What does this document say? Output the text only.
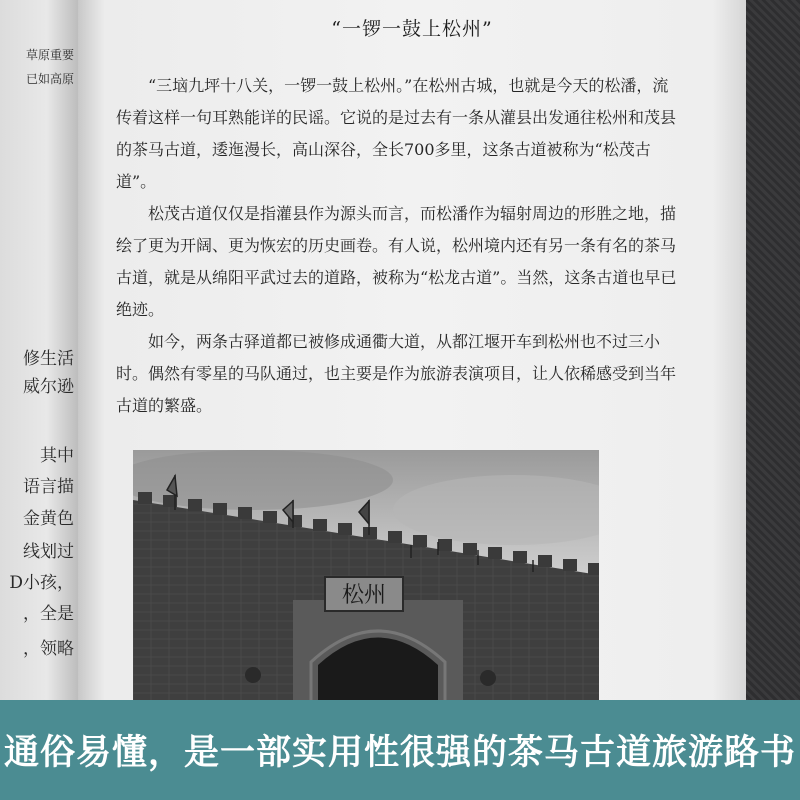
草原重要
已如高原
修生活
威尔逊
其中
语言描
金黄色
线划过
D小孩，
，全是
，领略
“一锣一鼓上松州”

“三垴九坪十八关，一锣一鼓上松州。”在松州古城，也就是今天的松潘，流传着这样一句耳熟能详的民谣。它说的是过去有一条从灌县出发通往松州和茂县的茶马古道，逶迤漫长，高山深谷，全长700多里，这条古道被称为“松茂古道”。

松茂古道仅仅是指灌县作为源头而言，而松潘作为辐射周边的形胜之地，描绘了更为开阔、更为恢宏的历史画卷。有人说，松州境内还有另一条有名的茶马古道，就是从绵阳平武过去的道路，被称为“松龙古道”。当然，这条古道也早已绝迹。

如今，两条古驿道都已被修成通衢大道，从都江堰开车到松州也不过三小时。偶然有零星的马队通过，也主要是作为旅游表演项目，让人依稀感受到当年古道的繁盛。

松州
通俗易懂，是一部实用性很强的茶马古道旅游路书
